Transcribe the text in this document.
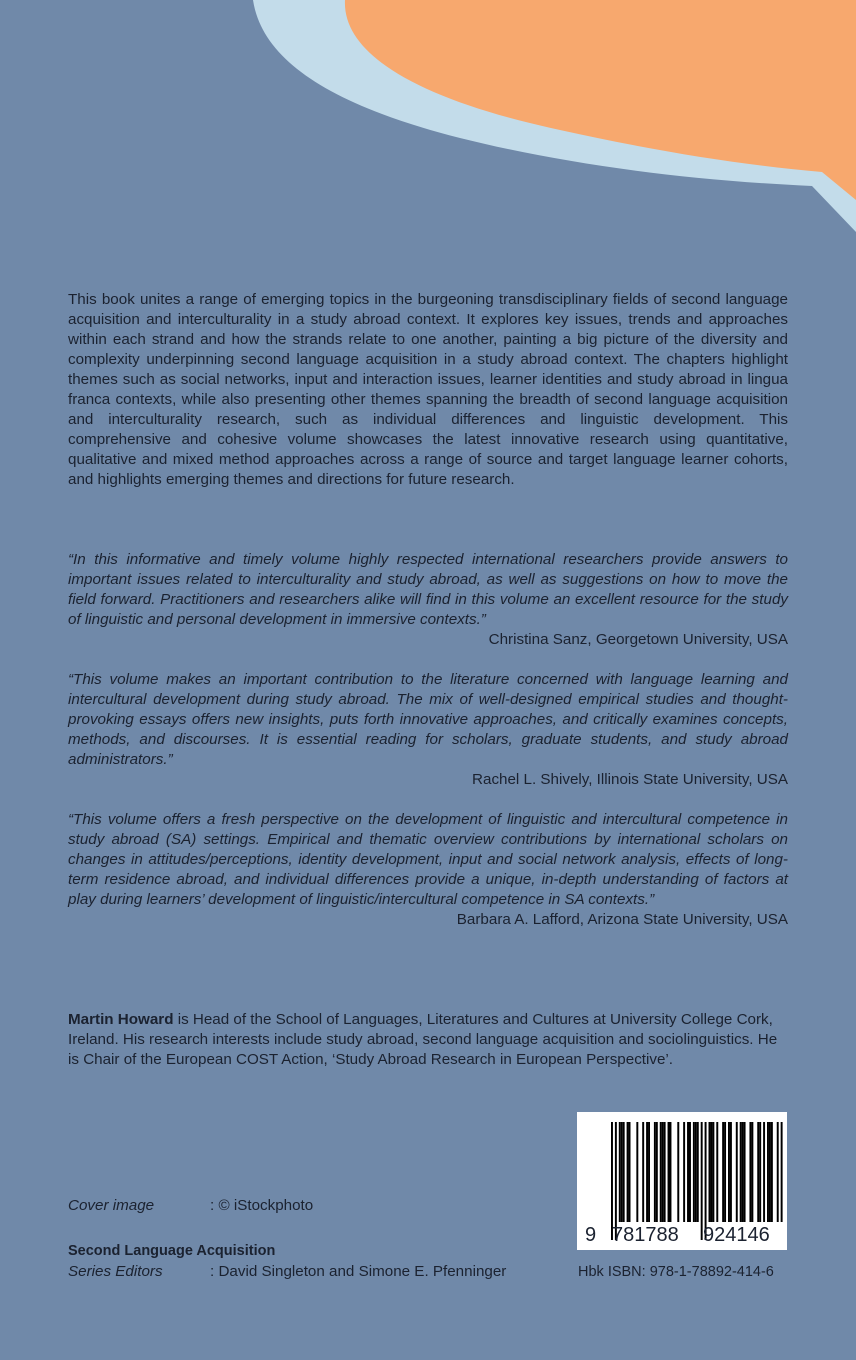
This book unites a range of emerging topics in the burgeoning transdisciplinary fields of second language acquisition and interculturality in a study abroad context. It explores key issues, trends and approaches within each strand and how the strands relate to one another, painting a big picture of the diversity and complexity underpinning second language acquisition in a study abroad context. The chapters highlight themes such as social networks, input and interaction issues, learner identities and study abroad in lingua franca contexts, while also presenting other themes spanning the breadth of second language acquisition and interculturality research, such as individual differences and linguistic development. This comprehensive and cohesive volume showcases the latest innovative research using quantitative, qualitative and mixed method approaches across a range of source and target language learner cohorts, and highlights emerging themes and directions for future research.
“In this informative and timely volume highly respected international researchers provide answers to important issues related to interculturality and study abroad, as well as suggestions on how to move the field forward. Practitioners and researchers alike will find in this volume an excellent resource for the study of linguistic and personal development in immersive contexts.”
Christina Sanz, Georgetown University, USA
“This volume makes an important contribution to the literature concerned with language learning and intercultural development during study abroad. The mix of well-designed empirical studies and thought-provoking essays offers new insights, puts forth innovative approaches, and critically examines concepts, methods, and discourses. It is essential reading for scholars, graduate students, and study abroad administrators.”
Rachel L. Shively, Illinois State University, USA
“This volume offers a fresh perspective on the development of linguistic and intercultural competence in study abroad (SA) settings. Empirical and thematic overview contributions by international scholars on changes in attitudes/perceptions, identity development, input and social network analysis, effects of long-term residence abroad, and individual differences provide a unique, in-depth understanding of factors at play during learners’ development of linguistic/intercultural competence in SA contexts.”
Barbara A. Lafford, Arizona State University, USA
Martin Howard is Head of the School of Languages, Literatures and Cultures at University College Cork, Ireland. His research interests include study abroad, second language acquisition and sociolinguistics. He is Chair of the European COST Action, ‘Study Abroad Research in European Perspective’.
Cover image	: © iStockphoto
Second Language Acquisition
Series Editors	: David Singleton and Simone E. Pfenninger
9 781788 924146
Hbk ISBN: 978-1-78892-414-6
